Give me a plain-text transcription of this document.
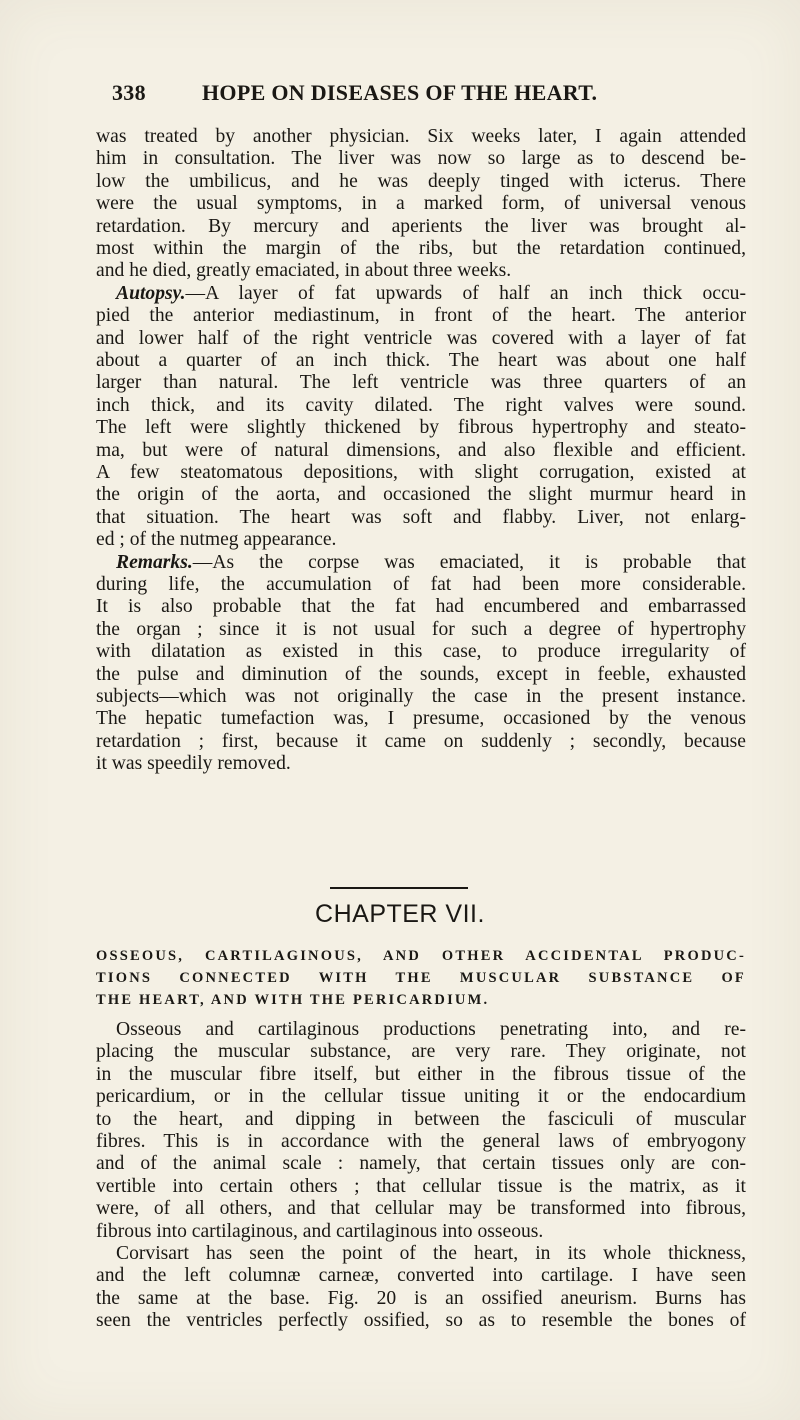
338	HOPE ON DISEASES OF THE HEART.
was treated by another physician. Six weeks later, I again attended
him in consultation. The liver was now so large as to descend be-
low the umbilicus, and he was deeply tinged with icterus. There
were the usual symptoms, in a marked form, of universal venous
retardation. By mercury and aperients the liver was brought al-
most within the margin of the ribs, but the retardation continued,
and he died, greatly emaciated, in about three weeks.
Autopsy.—A layer of fat upwards of half an inch thick occu-
pied the anterior mediastinum, in front of the heart. The anterior
and lower half of the right ventricle was covered with a layer of fat
about a quarter of an inch thick. The heart was about one half
larger than natural. The left ventricle was three quarters of an
inch thick, and its cavity dilated. The right valves were sound.
The left were slightly thickened by fibrous hypertrophy and steato-
ma, but were of natural dimensions, and also flexible and efficient.
A few steatomatous depositions, with slight corrugation, existed at
the origin of the aorta, and occasioned the slight murmur heard in
that situation. The heart was soft and flabby. Liver, not enlarg-
ed ; of the nutmeg appearance.
Remarks.—As the corpse was emaciated, it is probable that
during life, the accumulation of fat had been more considerable.
It is also probable that the fat had encumbered and embarrassed
the organ ; since it is not usual for such a degree of hypertrophy
with dilatation as existed in this case, to produce irregularity of
the pulse and diminution of the sounds, except in feeble, exhausted
subjects—which was not originally the case in the present instance.
The hepatic tumefaction was, I presume, occasioned by the venous
retardation ; first, because it came on suddenly ; secondly, because
it was speedily removed.
CHAPTER VII.
OSSEOUS, CARTILAGINOUS, AND OTHER ACCIDENTAL PRODUC-
TIONS CONNECTED WITH THE MUSCULAR SUBSTANCE OF
THE HEART, AND WITH THE PERICARDIUM.
Osseous and cartilaginous productions penetrating into, and re-
placing the muscular substance, are very rare. They originate, not
in the muscular fibre itself, but either in the fibrous tissue of the
pericardium, or in the cellular tissue uniting it or the endocardium
to the heart, and dipping in between the fasciculi of muscular
fibres. This is in accordance with the general laws of embryogony
and of the animal scale : namely, that certain tissues only are con-
vertible into certain others ; that cellular tissue is the matrix, as it
were, of all others, and that cellular may be transformed into fibrous,
fibrous into cartilaginous, and cartilaginous into osseous.
Corvisart has seen the point of the heart, in its whole thickness,
and the left columnæ carneæ, converted into cartilage. I have seen
the same at the base. Fig. 20 is an ossified aneurism. Burns has
seen the ventricles perfectly ossified, so as to resemble the bones of
